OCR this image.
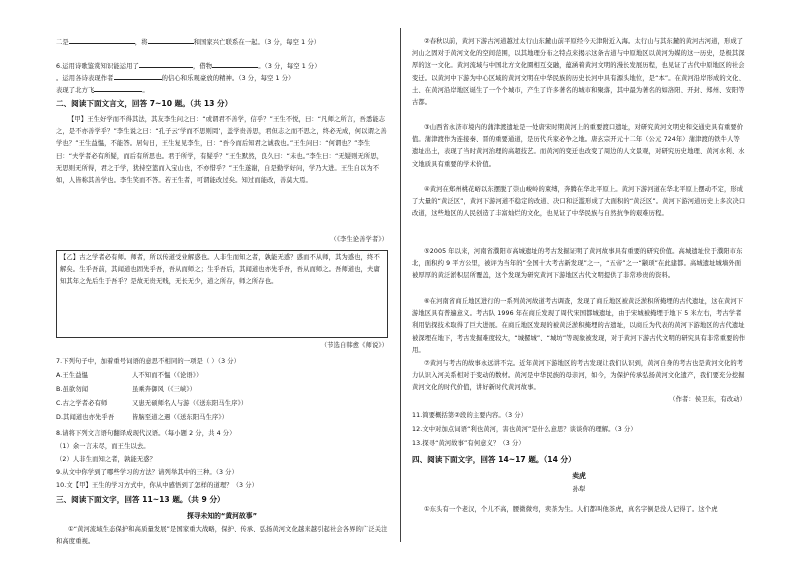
二是	，将	和国家兴亡联系在一起。（3 分，每空 1 分）
6.运用诗歌鉴赏知识能运用了	，借物	。（3 分，每空 1 分）
。运用各诗表现作者	的信心和乐观豪放的精神。（3 分，每空 1 分）
表现了北方飞	。
二、阅读下面文言文，回答 7~10 题。（共 13 分）
【甲】王生好学而不得其法，其友李生问之曰：“或谓君不善学，信乎？”王生不悦，曰：“凡师之所言，吾悉能志之，是不亦善学乎？”李生说之曰：“孔子云‘学而不思则罔’，盖学贵善思，君但志之而不思之，终必无成，何以谓之善学也？”王生益愠，不能答。居旬日，王生复见李生，曰：“吾今而后知君之诚我也。”王生问曰：“何谓也？”李生曰：“夫学者必有所疑，而后有所思也。君于所学，有疑乎？”王生默然，良久曰：“未也。”李生曰：“无疑则无所思，无思则无所得，君之于学，犹持空篮而入宝山也，不亦惜乎？”王生遂谢，自是勤学好问，学乃大进。王生自以为不如，人皆称其善学也。李生笑而不答。若王生者，可谓能改过矣。知过而能改，善莫大焉。
（《李生论善学者》）
【乙】古之学者必有师。师者，所以传道受业解惑也。人非生而知之者，孰能无惑？惑而不从师，其为惑也，终不解矣。生乎吾前，其闻道也固先乎吾，吾从而师之；生乎吾后，其闻道也亦先乎吾，吾从而师之。吾师道也，夫庸知其年之先后生于吾乎？是故无贵无贱，无长无少，道之所存，师之所存也。
（节选自韩愈《师说》）
7.下列句子中，加着重号词语的意思不相同的一项是（ ）（3 分）
A.王生益愠	人不知而不愠（《论语》）
B.虽欲勿闻	虽乘奔御风（《三峡》）
C.古之学者必有师	又患无硕师名人与游（《送东阳马生序》）
D.其闻道也亦先乎吾	皆脑至道之遇（《送东阳马生序》）
8.请将下列文言语句翻译成现代汉语。（每小题 2 分，共 4 分）
（1）余一言未尽，而王生以去。
（2）人非生而知之者，孰能无惑？
9.从文中你学到了哪些学习的方法？请列举其中的三种。（3 分）
10.文【甲】王生的学习方式中，你从中感悟到了怎样的道理？（3 分）
三、阅读下面文字，回答 11~13 题。（共 9 分）
探寻未知的“黄河故事”
①“黄河流域生态保护和高质量发展”是国家重大战略，保护、传承、弘扬黄河文化越来越引起社会各界的广泛关注和高度重视。
②春秋以前，黄河下游古河道越过太行山东麓山前平原经今天津附近入海。太行山与其东麓的黄河古河道，形成了河山之固对于黄河文化的空间范围，以其地理分布之特点来揭示这条古道与中原地区以黄河为媒的这一历史，是极其深厚的这一文化。黄河流域与中国北方文化圈相互交融，蕴涵着黄河文明的漫长发展历程，也见证了古代中原地区的社会变迁。以黄河中下游为中心区域的黄河文明在中华民族的历史长河中具有源头地位，是“本”。在黄河沿岸形成的文化、土、在黄河沿岸地区诞生了一个个城市，产生了许多著名的城市和聚落，其中最为著名的如洛阳、开封、郑州、安阳等古都。
③山西省永济市境内的蒲津渡遗址是一处唐宋时期黄河上的重要渡口遗址，对研究黄河文明史和交通史具有重要价值。蒲津渡作为连接秦、晋的重要通道，是历代兵家必争之地。唐玄宗开元十二年（公元 724年）蒲津渡的铁牛人等遗址出土，表现了当时黄河治理的高超技艺。而黄河的变迁也改变了周边的人文景观，对研究历史地理、黄河水利、水文地质具有重要的学术价值。
④黄河在郑州桃花峪以东摆脱了崇山峻岭的束缚，奔腾在华北平原上。黄河下游河道在华北平原上摆动不定，形成了大量的“黄泛区”，黄河下游河道不稳定的改道、决口和泛滥形成了大面积的“黄泛区”。黄河下游河道历史上多次决口改道，这些地区的人民创造了丰富灿烂的文化，也见证了中华民族与自然抗争的艰难历程。
⑤2005 年以来，河南省濮阳市高城遗址的考古发掘证明了黄河故事具有重要的研究价值。高城遗址位于濮阳市东北，面积约 9 平方公里，被评为当年的“全国十大考古新发现”之一，“五帝”之一“颛顼”在此建都。高城遗址城墙外面被厚厚的黄泛淤积层所覆盖，这个发现为研究黄河下游地区古代文明提供了非常珍贵的资料。
⑥在河南省商丘地区进行的一系列黄河故道考古调查，发现了商丘地区被黄泛淤积所掩埋的古代遗址，这在黄河下游地区具有普遍意义。考古队 1996 年在商丘发现了周代宋国都城遗址，由于宋城被掩埋于地下 5 米左右，考古学者利用钻探技术取得了巨大进展。在商丘地区发现的被黄泛淤积掩埋的古遗址，以商丘为代表的黄河下游地区的古代遗址被深埋在地下，考古发掘难度较大，“城摞城”、“城坊”等现象被发现，对于黄河下游古代文明的研究具有非常重要的作用。
⑦黄河与考古的故事永远讲不完。近年黄河下游地区的考古发现让我们认识到，黄河自身的考古也是黄河文化的考力认识入河关系相对于变动的数材。黄河是中华民族的母亲河，如今，为保护传承弘扬黄河文化遗产，我们要充分挖掘黄河文化的时代价值，讲好新时代黄河故事。
（作者：侯卫东，有改动）
11.简要概括第②段的主要内容。（3 分）
12.文中对加点词语“利也黄河，害也黄河”是什么意思？谈谈你的理解。（3 分）
13.探寻“黄河故事”有何意义？（3 分）
四、阅读下面文字，回答 14~17 题。（14 分）
卖虎
孙犁
①东头有一个老汉，个儿不高，腰微微弯，卖茶为生。人们都叫他茶虎，真名字倒是没人记得了。这个虎
